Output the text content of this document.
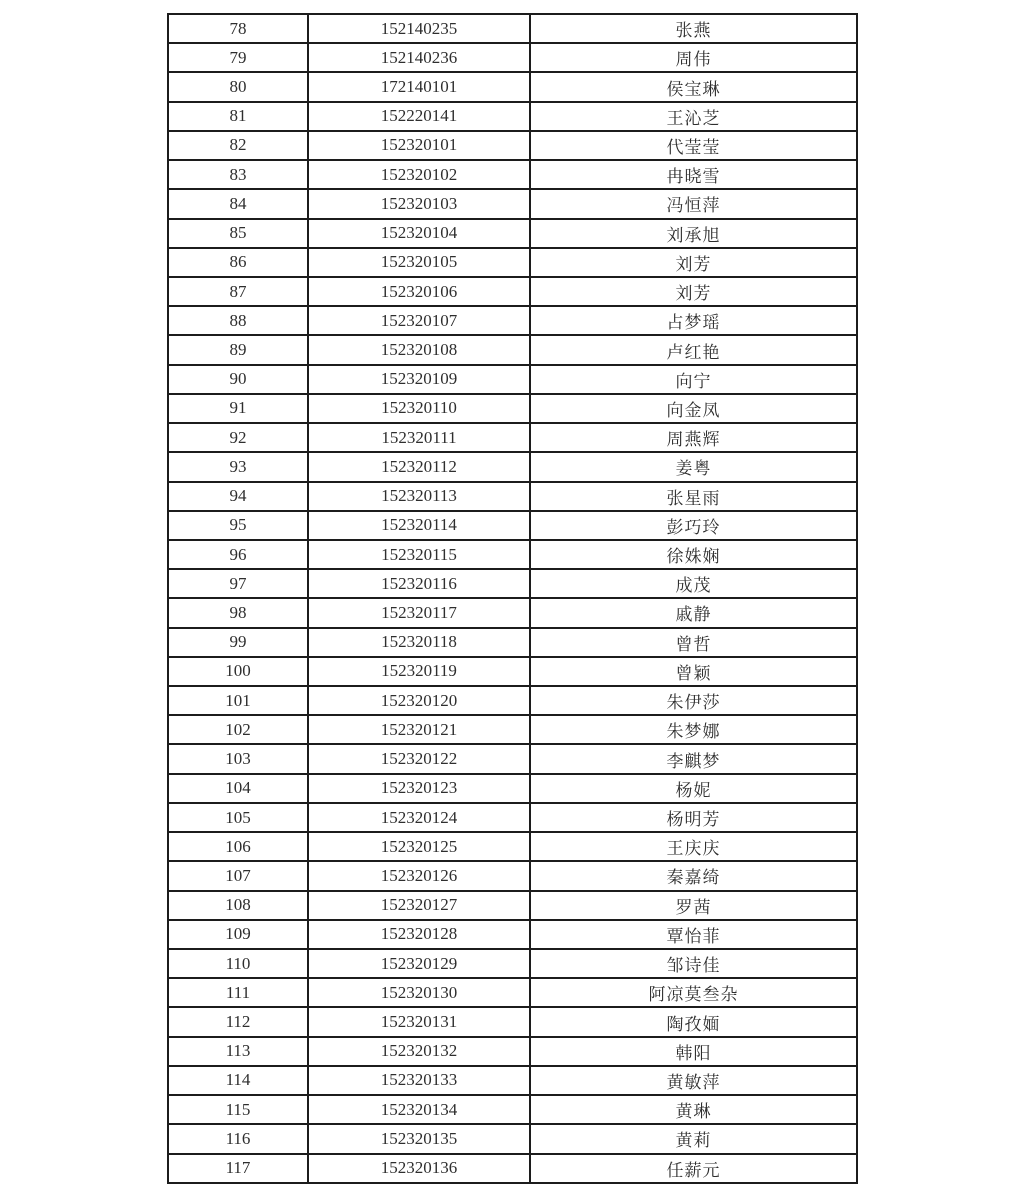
78	152140235	张燕
79	152140236	周伟
80	172140101	侯宝琳
81	152220141	王沁芝
82	152320101	代莹莹
83	152320102	冉晓雪
84	152320103	冯恒萍
85	152320104	刘承旭
86	152320105	刘芳
87	152320106	刘芳
88	152320107	占梦瑶
89	152320108	卢红艳
90	152320109	向宁
91	152320110	向金凤
92	152320111	周燕辉
93	152320112	姜粤
94	152320113	张星雨
95	152320114	彭巧玲
96	152320115	徐姝娴
97	152320116	成茂
98	152320117	戚静
99	152320118	曾哲
100	152320119	曾颖
101	152320120	朱伊莎
102	152320121	朱梦娜
103	152320122	李麒梦
104	152320123	杨妮
105	152320124	杨明芳
106	152320125	王庆庆
107	152320126	秦嘉绮
108	152320127	罗茜
109	152320128	覃怡菲
110	152320129	邹诗佳
111	152320130	阿凉莫叁杂
112	152320131	陶孜媔
113	152320132	韩阳
114	152320133	黄敏萍
115	152320134	黄琳
116	152320135	黄莉
117	152320136	任薪元
